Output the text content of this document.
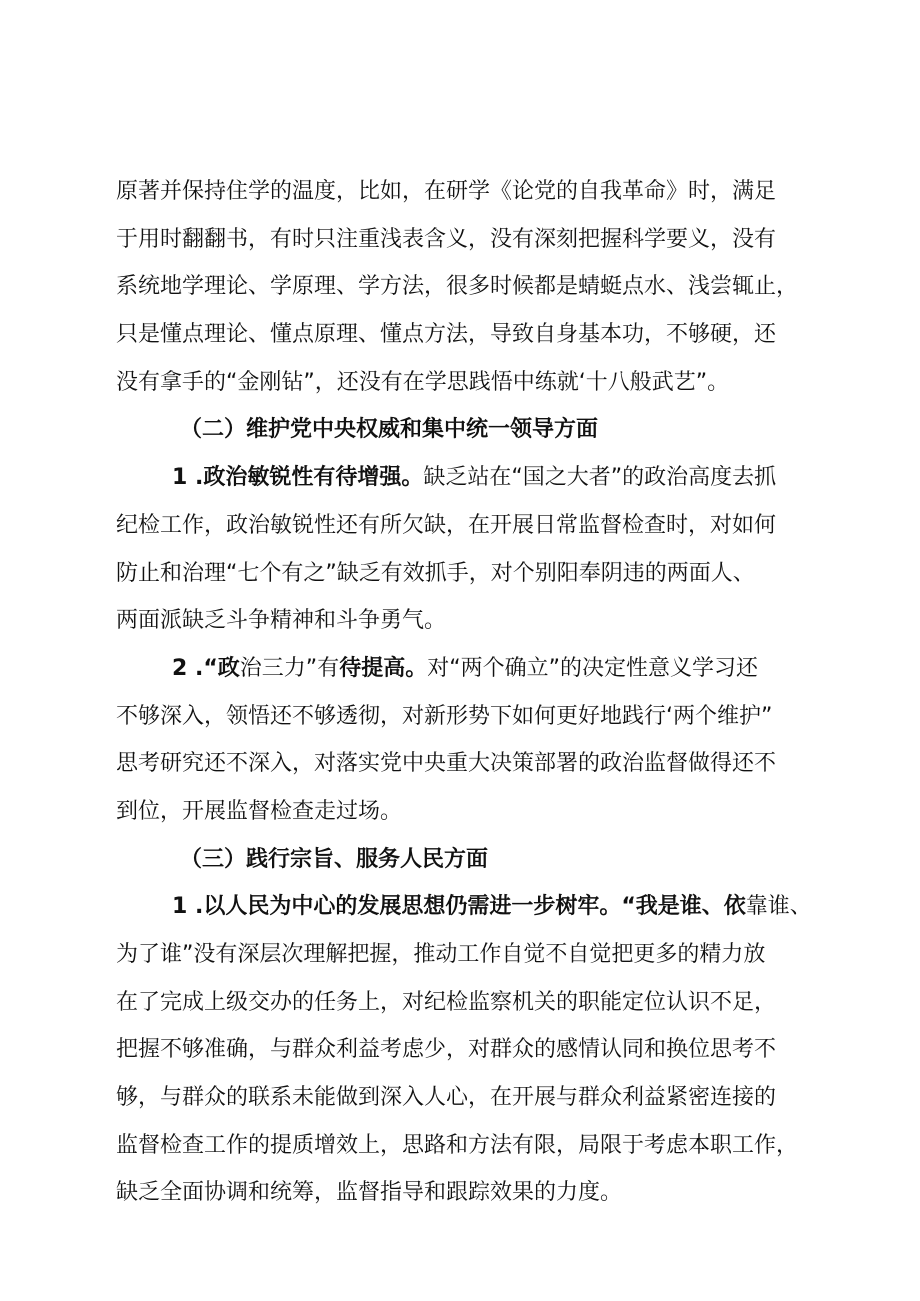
原著并保持住学的温度，比如，在研学《论党的自我革命》时，满足
于用时翻翻书，有时只注重浅表含义，没有深刻把握科学要义，没有
系统地学理论、学原理、学方法，很多时候都是蜻蜓点水、浅尝辄止，
只是懂点理论、懂点原理、懂点方法，导致自身基本功，不够硬，还
没有拿手的“金刚钻”，还没有在学思践悟中练就‘十八般武艺”。
（二）维护党中央权威和集中统一领导方面
1 .政治敏锐性有待增强。缺乏站在“国之大者”的政治高度去抓
纪检工作，政治敏锐性还有所欠缺，在开展日常监督检查时，对如何
防止和治理“七个有之”缺乏有效抓手，对个别阳奉阴违的两面人、
两面派缺乏斗争精神和斗争勇气。
2 .“政治三力”有待提高。对“两个确立”的决定性意义学习还
不够深入，领悟还不够透彻，对新形势下如何更好地践行‘两个维护”
思考研究还不深入，对落实党中央重大决策部署的政治监督做得还不
到位，开展监督检查走过场。
（三）践行宗旨、服务人民方面
1 .以人民为中心的发展思想仍需进一步树牢。“我是谁、依靠谁、
为了谁”没有深层次理解把握，推动工作自觉不自觉把更多的精力放
在了完成上级交办的任务上，对纪检监察机关的职能定位认识不足，
把握不够准确，与群众利益考虑少，对群众的感情认同和换位思考不
够，与群众的联系未能做到深入人心，在开展与群众利益紧密连接的
监督检查工作的提质增效上，思路和方法有限，局限于考虑本职工作，
缺乏全面协调和统筹，监督指导和跟踪效果的力度。
